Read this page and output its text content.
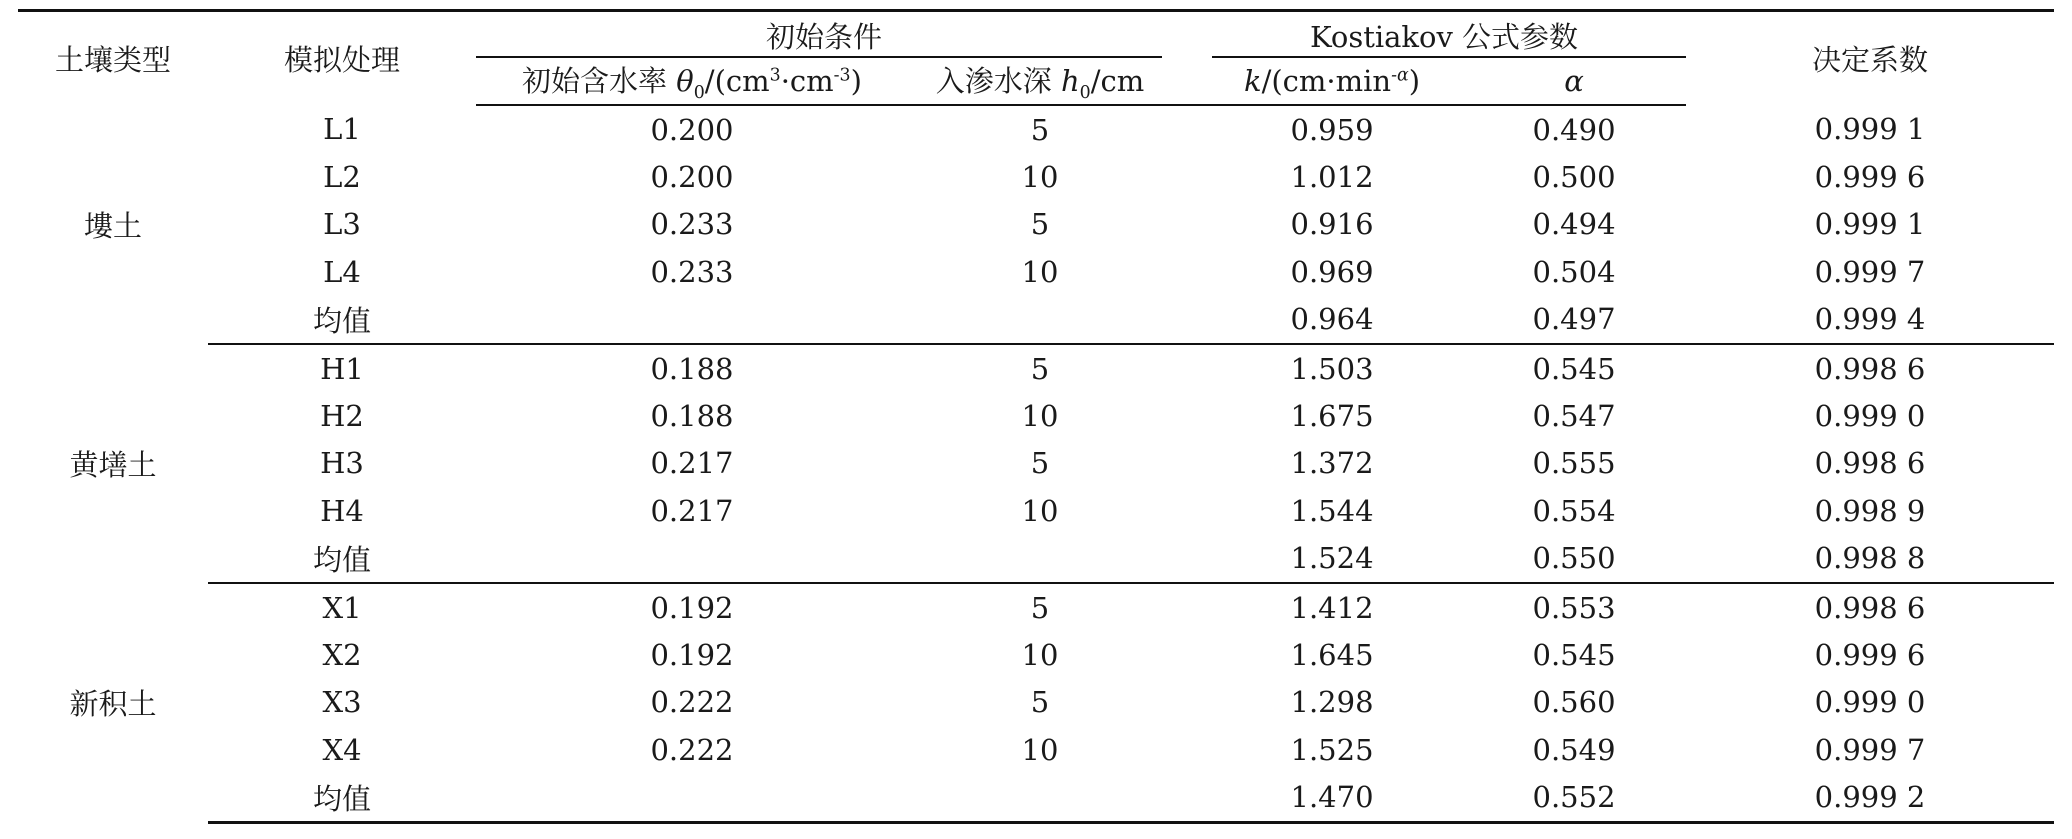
土壤类型	模拟处理	初始条件			Kostiakov 公式参数		决定系数
		初始含水率 $\theta_0/(cm^3\cdot cm^{-3})$	入渗水深 $h_0/cm$		$k/(cm\cdot\min^{-\alpha})$	α	
塿土	L1	0.200	5		0.959	0.490	0.999 1
	L2	0.200	10		1.012	0.500	0.999 6
	L3	0.233	5		0.916	0.494	0.999 1
	L4	0.233	10		0.969	0.504	0.999 7
	均值				0.964	0.497	0.999 4
黄墡土	H1	0.188	5		1.503	0.545	0.998 6
	H2	0.188	10		1.675	0.547	0.999 0
	H3	0.217	5		1.372	0.555	0.998 6
	H4	0.217	10		1.544	0.554	0.998 9
	均值				1.524	0.550	0.998 8
新积土	X1	0.192	5		1.412	0.553	0.998 6
	X2	0.192	10		1.645	0.545	0.999 6
	X3	0.222	5		1.298	0.560	0.999 0
	X4	0.222	10		1.525	0.549	0.999 7
	均值				1.470	0.552	0.999 2
